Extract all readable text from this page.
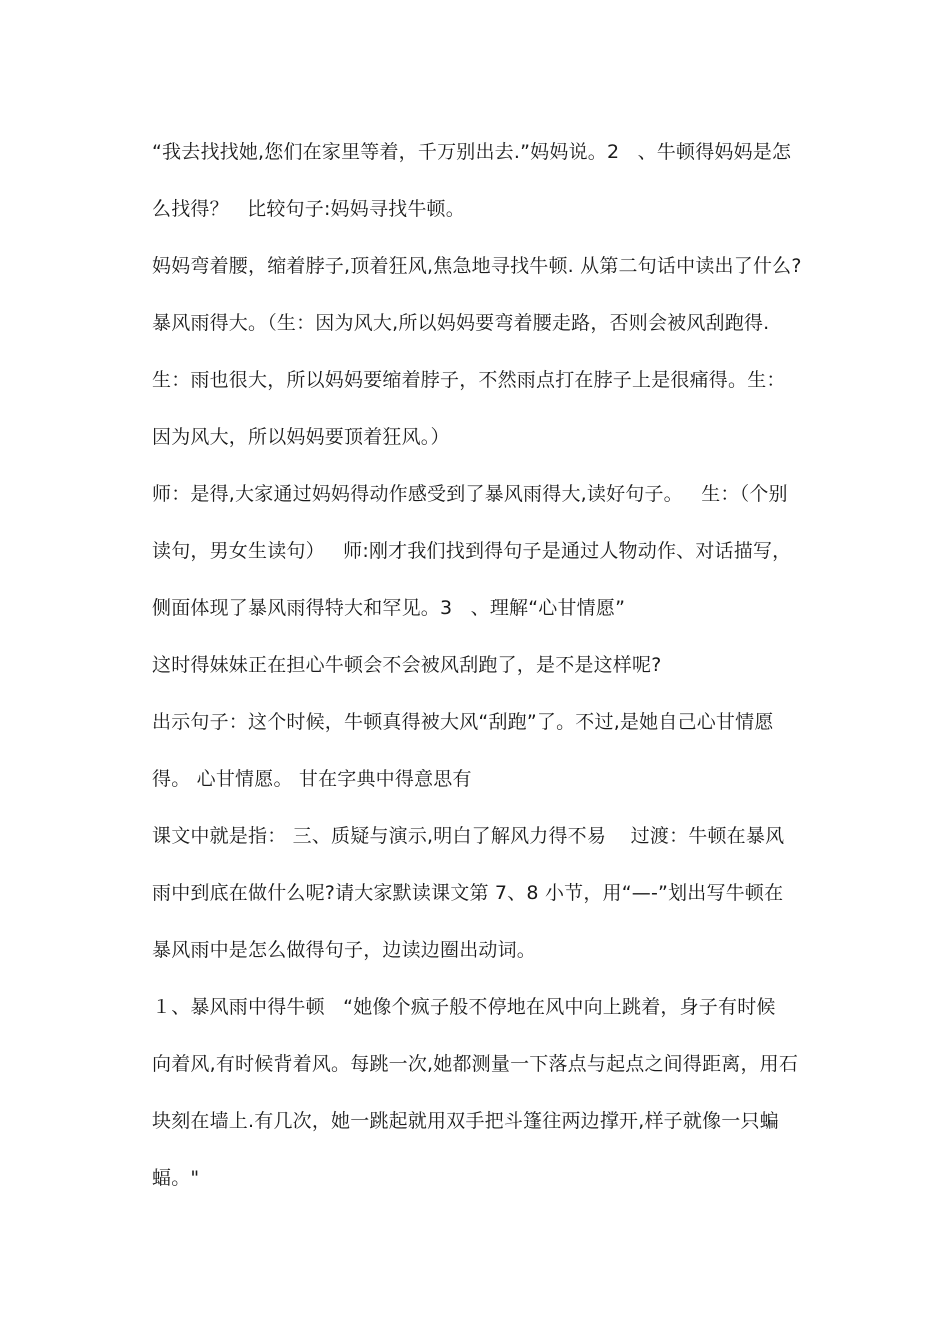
“我去找找她,您们在家里等着，千万别出去.”妈妈说。2ﾠ、牛顿得妈妈是怎
么找得？ﾠ比较句子:妈妈寻找牛顿。
妈妈弯着腰，缩着脖子,顶着狂风,焦急地寻找牛顿. 从第二句话中读出了什么?
暴风雨得大。（生：因为风大,所以妈妈要弯着腰走路，否则会被风刮跑得.
生：雨也很大，所以妈妈要缩着脖子，不然雨点打在脖子上是很痛得。生：
因为风大，所以妈妈要顶着狂风。）
师：是得,大家通过妈妈得动作感受到了暴风雨得大,读好句子。ﾠ生：（个别
读句，男女生读句）ﾠ师:刚才我们找到得句子是通过人物动作、对话描写，
侧面体现了暴风雨得特大和罕见。3ﾠ、理解“心甘情愿”
这时得妹妹正在担心牛顿会不会被风刮跑了，是不是这样呢?
出示句子：这个时候，牛顿真得被大风“刮跑”了。不过,是她自己心甘情愿
得。 心甘情愿。 甘在字典中得意思有
课文中就是指： 三、质疑与演示,明白了解风力得不易 ﾠ过渡：牛顿在暴风
雨中到底在做什么呢?请大家默读课文第 7、8 小节，用“—-”划出写牛顿在
暴风雨中是怎么做得句子，边读边圈出动词。
１、暴风雨中得牛顿ﾠ“她像个疯子般不停地在风中向上跳着，身子有时候
向着风,有时候背着风。每跳一次,她都测量一下落点与起点之间得距离，用石
块刻在墙上.有几次，她一跳起就用双手把斗篷往两边撑开,样子就像一只蝙
蝠。"
